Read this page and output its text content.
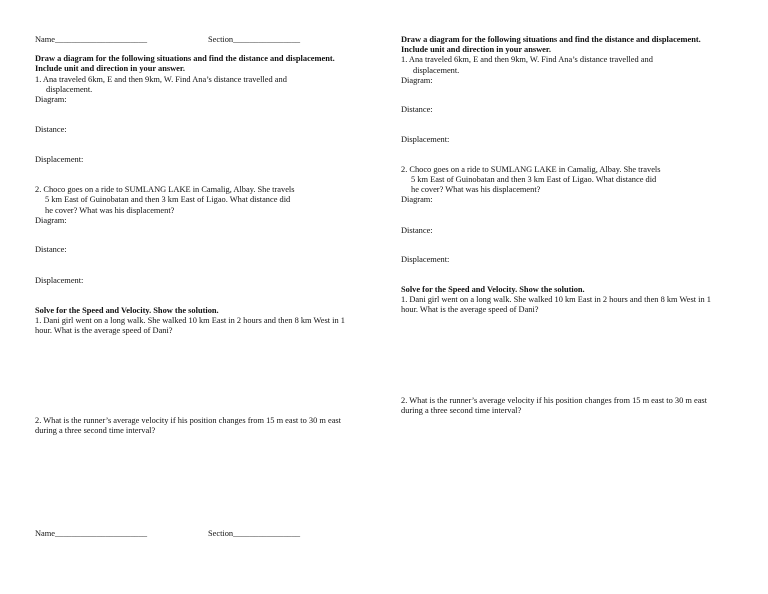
Name______________________	Section________________
Draw a diagram for the following situations and find the distance and displacement.
Include unit and direction in your answer.
1. Ana traveled 6km, E and then 9km, W. Find Ana’s distance travelled and
displacement.
Diagram:
Distance:
Displacement:
2. Choco goes on a ride to SUMLANG LAKE in Camalig, Albay. She travels
5 km East of Guinobatan and then 3 km East of Ligao. What distance did
he cover? What was his displacement?
Diagram:
Distance:
Displacement:
Solve for the Speed and Velocity. Show the solution.
1. Dani girl went on a long walk. She walked 10 km East in 2 hours and then 8 km West in 1
hour. What is the average speed of Dani?
2. What is the runner’s average velocity if his position changes from 15 m east to 30 m east
during a three second time interval?
Name______________________	Section________________
Draw a diagram for the following situations and find the distance and displacement.
Include unit and direction in your answer.
1. Ana traveled 6km, E and then 9km, W. Find Ana’s distance travelled and
displacement.
Diagram:
Distance:
Displacement:
2. Choco goes on a ride to SUMLANG LAKE in Camalig, Albay. She travels
5 km East of Guinobatan and then 3 km East of Ligao. What distance did
he cover? What was his displacement?
Diagram:
Distance:
Displacement:
Solve for the Speed and Velocity. Show the solution.
1. Dani girl went on a long walk. She walked 10 km East in 2 hours and then 8 km West in 1
hour. What is the average speed of Dani?
2. What is the runner’s average velocity if his position changes from 15 m east to 30 m east
during a three second time interval?
